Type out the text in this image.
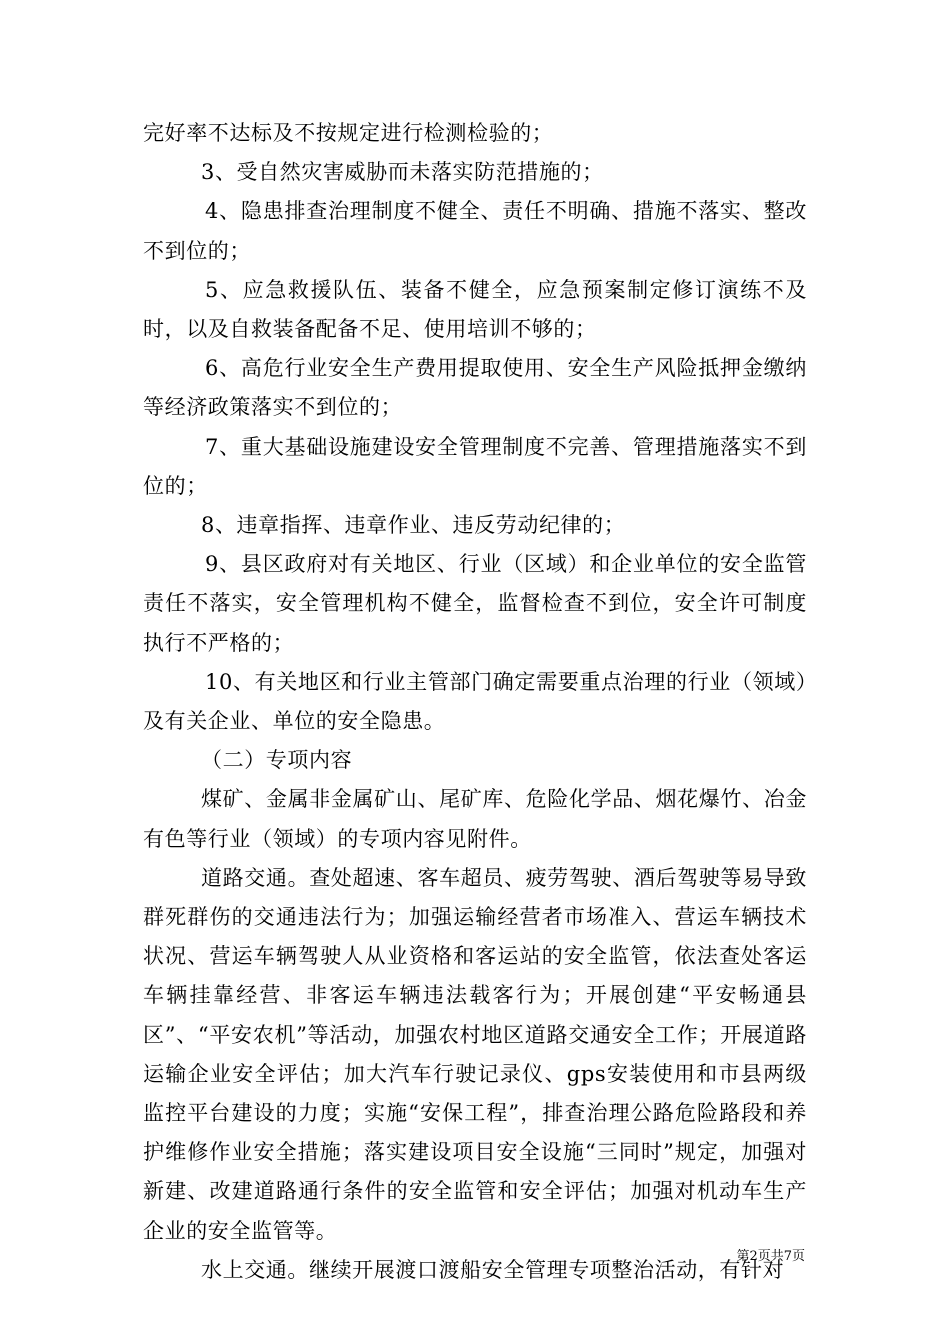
完好率不达标及不按规定进行检测检验的；

3、受自然灾害威胁而未落实防范措施的；

4、隐患排查治理制度不健全、责任不明确、措施不落实、整改不到位的；

5、应急救援队伍、装备不健全，应急预案制定修订演练不及时，以及自救装备配备不足、使用培训不够的；

6、高危行业安全生产费用提取使用、安全生产风险抵押金缴纳等经济政策落实不到位的；

7、重大基础设施建设安全管理制度不完善、管理措施落实不到位的；

8、违章指挥、违章作业、违反劳动纪律的；

9、县区政府对有关地区、行业（区域）和企业单位的安全监管责任不落实，安全管理机构不健全，监督检查不到位，安全许可制度执行不严格的；

10、有关地区和行业主管部门确定需要重点治理的行业（领域）及有关企业、单位的安全隐患。

（二）专项内容

煤矿、金属非金属矿山、尾矿库、危险化学品、烟花爆竹、冶金有色等行业（领域）的专项内容见附件。

道路交通。查处超速、客车超员、疲劳驾驶、酒后驾驶等易导致群死群伤的交通违法行为；加强运输经营者市场准入、营运车辆技术状况、营运车辆驾驶人从业资格和客运站的安全监管，依法查处客运车辆挂靠经营、非客运车辆违法载客行为；开展创建“平安畅通县区”、“平安农机”等活动，加强农村地区道路交通安全工作；开展道路运输企业安全评估；加大汽车行驶记录仪、gps安装使用和市县两级监控平台建设的力度；实施“安保工程”，排查治理公路危险路段和养护维修作业安全措施；落实建设项目安全设施“三同时”规定，加强对新建、改建道路通行条件的安全监管和安全评估；加强对机动车生产企业的安全监管等。

水上交通。继续开展渡口渡船安全管理专项整治活动，有针对

第2页共7页
